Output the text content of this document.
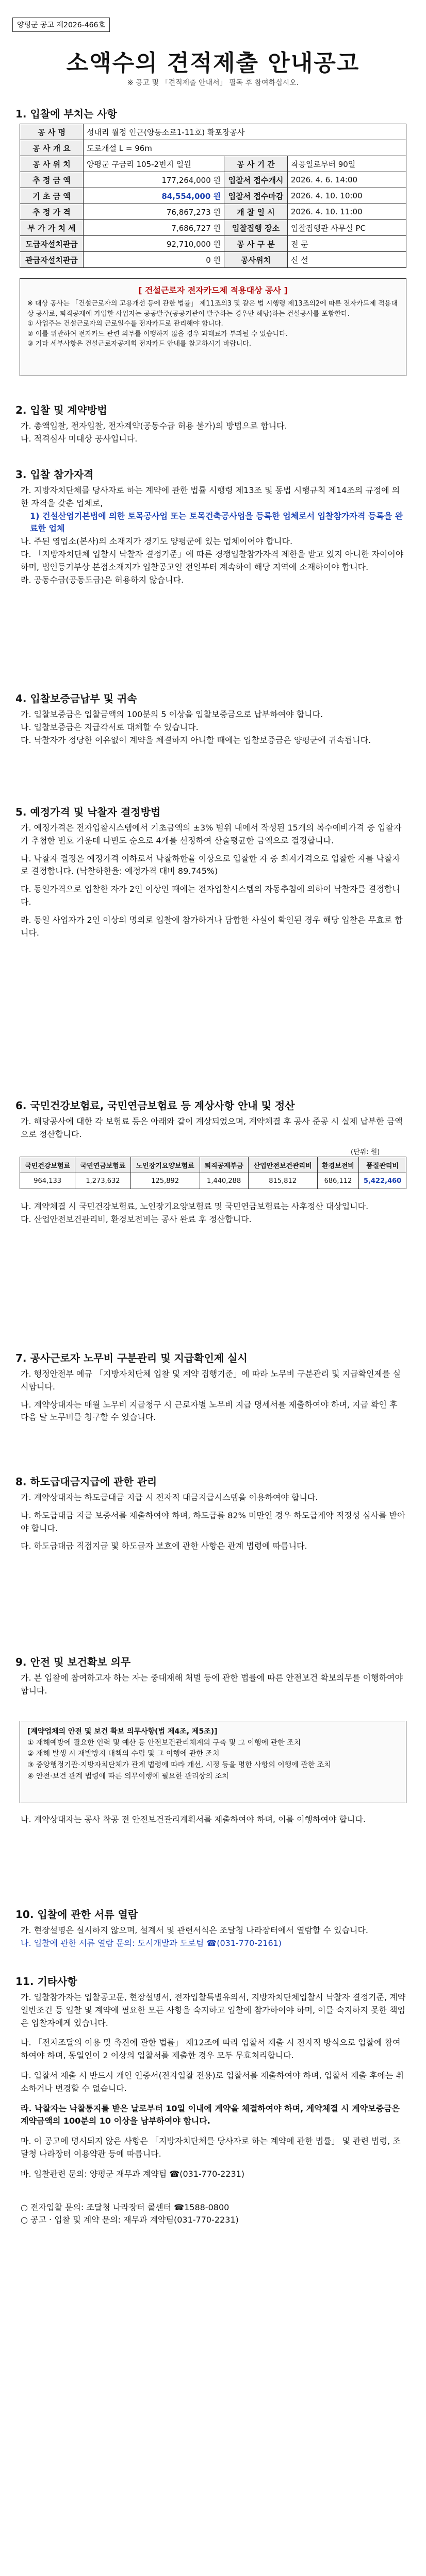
양평군 공고 제2026-466호
소액수의 견적제출 안내공고
※ 공고 및 「견적제출 안내서」 필독 후 참여하십시오.
1. 입찰에 부치는 사항
공 사 명	성내리 월정 인근(양동소로1-11호) 확포장공사		
공 사 개 요	도로개설 L = 96m		
공 사 위 치	양평군 구금리 105-2번지 일원	공 사 기 간	착공일로부터 90일
추 정 금 액	177,264,000 원	입찰서 접수개시	2026. 4. 6. 14:00
기 초 금 액	84,554,000 원	입찰서 접수마감	2026. 4. 10. 10:00
추 정 가 격	76,867,273 원	개 찰 일 시	2026. 4. 10. 11:00
부 가 가 치 세	7,686,727 원	입찰집행 장소	입찰집행관 사무실 PC
도급자설치관급	92,710,000 원	공 사 구 분	전 문
관급자설치관급	0 원	공사위치	신 설
[ 건설근로자 전자카드제 적용대상 공사 ]
※ 대상 공사는 「건설근로자의 고용개선 등에 관한 법률」 제11조의3 및 같은 법 시행령 제13조의2에 따른 전자카드제 적용대상 공사로, 퇴직공제에 가입한 사업자는 공공발주(공공기관이 발주하는 경우만 해당)하는 건설공사를 포함한다.
① 사업주는 건설근로자의 근로일수를 전자카드로 관리해야 합니다.
② 이를 위반하여 전자카드 관련 의무를 이행하지 않을 경우 과태료가 부과될 수 있습니다.
③ 기타 세부사항은 건설근로자공제회 전자카드 안내를 참고하시기 바랍니다.
2. 입찰 및 계약방법
가. 총액입찰, 전자입찰, 전자계약(공동수급 허용 불가)의 방법으로 합니다.
나. 적격심사 미대상 공사입니다.
3. 입찰 참가자격
가. 지방자치단체를 당사자로 하는 계약에 관한 법률 시행령 제13조 및 동법 시행규칙 제14조의 규정에 의한 자격을 갖춘 업체로,
1) 건설산업기본법에 의한 토목공사업 또는 토목건축공사업을 등록한 업체로서 입찰참가자격 등록을 완료한 업체
나. 주된 영업소(본사)의 소재지가 경기도 양평군에 있는 업체이어야 합니다.
다. 「지방자치단체 입찰시 낙찰자 결정기준」에 따른 경쟁입찰참가자격 제한을 받고 있지 아니한 자이어야 하며, 법인등기부상 본점소재지가 입찰공고일 전일부터 계속하여 해당 지역에 소재하여야 합니다.
라. 공동수급(공동도급)은 허용하지 않습니다.
4. 입찰보증금납부 및 귀속
가. 입찰보증금은 입찰금액의 100분의 5 이상을 입찰보증금으로 납부하여야 합니다.
나. 입찰보증금은 지급각서로 대체할 수 있습니다.
다. 낙찰자가 정당한 이유없이 계약을 체결하지 아니할 때에는 입찰보증금은 양평군에 귀속됩니다.
5. 예정가격 및 낙찰자 결정방법
가. 예정가격은 전자입찰시스템에서 기초금액의 ±3% 범위 내에서 작성된 15개의 복수예비가격 중 입찰자가 추첨한 번호 가운데 다빈도 순으로 4개를 선정하여 산술평균한 금액으로 결정합니다.
나. 낙찰자 결정은 예정가격 이하로서 낙찰하한율 이상으로 입찰한 자 중 최저가격으로 입찰한 자를 낙찰자로 결정합니다. (낙찰하한율: 예정가격 대비 89.745%)
다. 동일가격으로 입찰한 자가 2인 이상인 때에는 전자입찰시스템의 자동추첨에 의하여 낙찰자를 결정합니다.
라. 동일 사업자가 2인 이상의 명의로 입찰에 참가하거나 담합한 사실이 확인된 경우 해당 입찰은 무효로 합니다.
6. 국민건강보험료, 국민연금보험료 등 계상사항 안내 및 정산
가. 해당공사에 대한 각 보험료 등은 아래와 같이 계상되었으며, 계약체결 후 공사 준공 시 실제 납부한 금액으로 정산합니다.
(단위: 원)
국민건강보험료	국민연금보험료	노인장기요양보험료	퇴직공제부금	산업안전보건관리비	환경보전비	품질관리비
964,133	1,273,632	125,892	1,440,288	815,812	686,112	5,422,460
나. 계약체결 시 국민건강보험료, 노인장기요양보험료 및 국민연금보험료는 사후정산 대상입니다.
다. 산업안전보건관리비, 환경보전비는 공사 완료 후 정산합니다.
7. 공사근로자 노무비 구분관리 및 지급확인제 실시
가. 행정안전부 예규 「지방자치단체 입찰 및 계약 집행기준」에 따라 노무비 구분관리 및 지급확인제를 실시합니다.
나. 계약상대자는 매월 노무비 지급청구 시 근로자별 노무비 지급 명세서를 제출하여야 하며, 지급 확인 후 다음 달 노무비를 청구할 수 있습니다.
8. 하도급대금지급에 관한 관리
가. 계약상대자는 하도급대금 지급 시 전자적 대금지급시스템을 이용하여야 합니다.
나. 하도급대금 지급 보증서를 제출하여야 하며, 하도급률 82% 미만인 경우 하도급계약 적정성 심사를 받아야 합니다.
다. 하도급대금 직접지급 및 하도급자 보호에 관한 사항은 관계 법령에 따릅니다.
9. 안전 및 보건확보 의무
가. 본 입찰에 참여하고자 하는 자는 중대재해 처벌 등에 관한 법률에 따른 안전보건 확보의무를 이행하여야 합니다.
[계약업체의 안전 및 보건 확보 의무사항(법 제4조, 제5조)]
① 재해예방에 필요한 인력 및 예산 등 안전보건관리체계의 구축 및 그 이행에 관한 조치
② 재해 발생 시 재발방지 대책의 수립 및 그 이행에 관한 조치
③ 중앙행정기관·지방자치단체가 관계 법령에 따라 개선, 시정 등을 명한 사항의 이행에 관한 조치
④ 안전·보건 관계 법령에 따른 의무이행에 필요한 관리상의 조치
나. 계약상대자는 공사 착공 전 안전보건관리계획서를 제출하여야 하며, 이를 이행하여야 합니다.
10. 입찰에 관한 서류 열람
가. 현장설명은 실시하지 않으며, 설계서 및 관련서식은 조달청 나라장터에서 열람할 수 있습니다.
나. 입찰에 관한 서류 열람 문의: 도시개발과 도로팀 ☎(031-770-2161)
11. 기타사항
가. 입찰참가자는 입찰공고문, 현장설명서, 전자입찰특별유의서, 지방자치단체입찰시 낙찰자 결정기준, 계약일반조건 등 입찰 및 계약에 필요한 모든 사항을 숙지하고 입찰에 참가하여야 하며, 이를 숙지하지 못한 책임은 입찰자에게 있습니다.
나. 「전자조달의 이용 및 촉진에 관한 법률」 제12조에 따라 입찰서 제출 시 전자적 방식으로 입찰에 참여하여야 하며, 동일인이 2 이상의 입찰서를 제출한 경우 모두 무효처리합니다.
다. 입찰서 제출 시 반드시 개인 인증서(전자입찰 전용)로 입찰서를 제출하여야 하며, 입찰서 제출 후에는 취소하거나 변경할 수 없습니다.
라. 낙찰자는 낙찰통지를 받은 날로부터 10일 이내에 계약을 체결하여야 하며, 계약체결 시 계약보증금은 계약금액의 100분의 10 이상을 납부하여야 합니다.
마. 이 공고에 명시되지 않은 사항은 「지방자치단체를 당사자로 하는 계약에 관한 법률」 및 관련 법령, 조달청 나라장터 이용약관 등에 따릅니다.
바. 입찰관련 문의: 양평군 재무과 계약팀 ☎(031-770-2231)
○ 전자입찰 문의: 조달청 나라장터 콜센터 ☎1588-0800
○ 공고 ‧ 입찰 및 계약 문의: 재무과 계약팀(031-770-2231)
